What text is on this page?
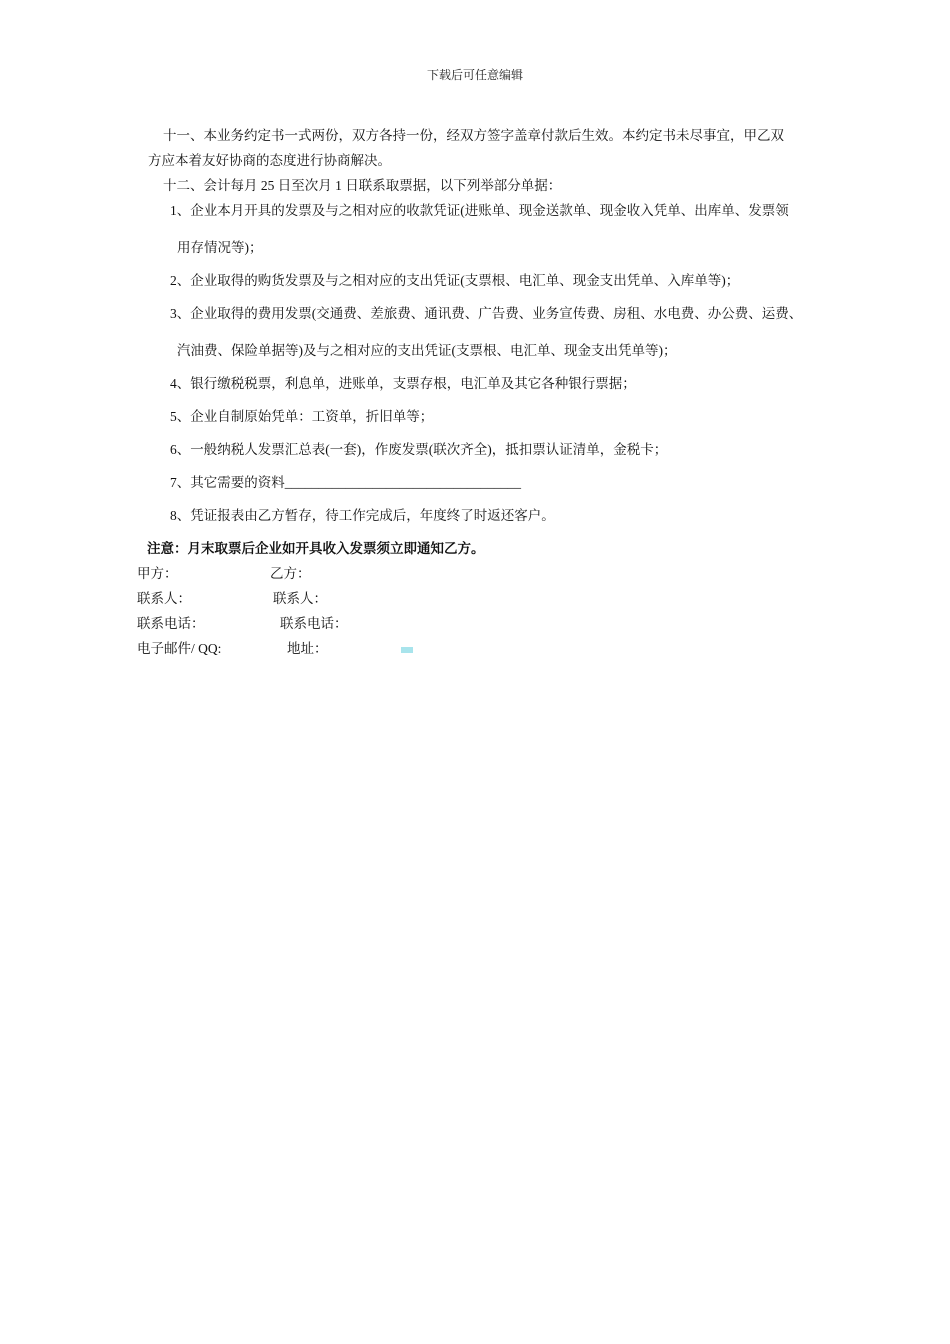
下载后可任意编辑
十一、本业务约定书一式两份，双方各持一份，经双方签字盖章付款后生效。本约定书未尽事宜，甲乙双
方应本着友好协商的态度进行协商解决。
十二、会计每月 25 日至次月 1 日联系取票据，以下列举部分单据：
1、企业本月开具的发票及与之相对应的收款凭证(进账单、现金送款单、现金收入凭单、出库单、发票领
用存情况等)；
2、企业取得的购货发票及与之相对应的支出凭证(支票根、电汇单、现金支出凭单、入库单等)；
3、企业取得的费用发票(交通费、差旅费、通讯费、广告费、业务宣传费、房租、水电费、办公费、运费、
汽油费、保险单据等)及与之相对应的支出凭证(支票根、电汇单、现金支出凭单等)；
4、银行缴税税票，利息单，进账单，支票存根，电汇单及其它各种银行票据；
5、企业自制原始凭单：工资单，折旧单等；
6、一般纳税人发票汇总表(一套)，作废发票(联次齐全)，抵扣票认证清单，金税卡；
7、其它需要的资料___________________________________
8、凭证报表由乙方暂存，待工作完成后，年度终了时返还客户。
注意：月末取票后企业如开具收入发票须立即通知乙方。
甲方：	乙方：
联系人：	联系人：
联系电话：	联系电话：
电子邮件/ QQ:	地址：
